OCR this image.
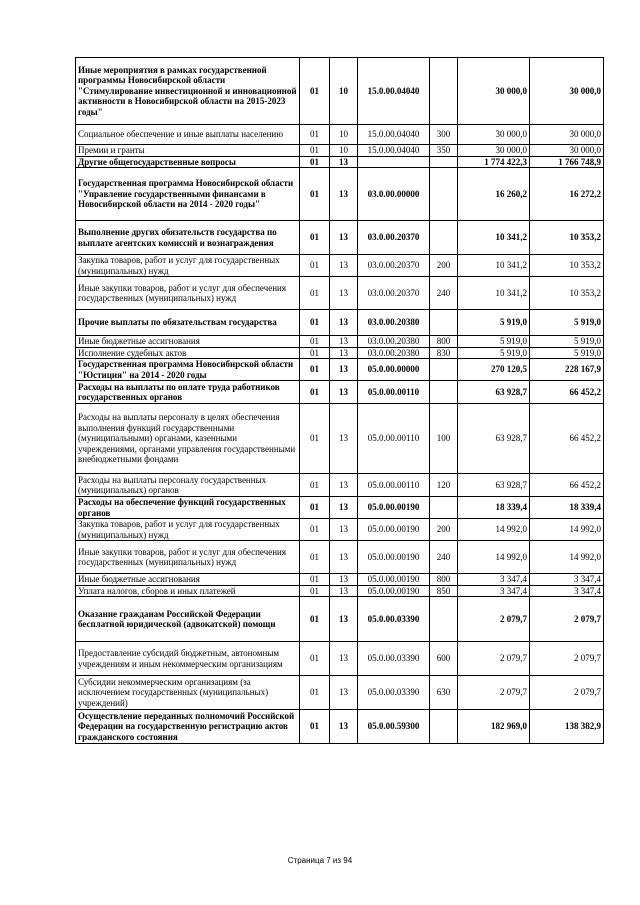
Иные мероприятия в рамках государственной программы Новосибирской области "Стимулирование инвестиционной и инновационной активности в Новосибирской области на 2015-2023 годы"	01	10	15.0.00.04040		30 000,0	30 000,0
Социальное обеспечение и иные выплаты населению	01	10	15.0.00.04040	300	30 000,0	30 000,0
Премии и гранты	01	10	15.0.00.04040	350	30 000,0	30 000,0
Другие общегосударственные вопросы	01	13			1 774 422,3	1 766 748,9
Государственная программа Новосибирской области "Управление государственными финансами в Новосибирской области на 2014 - 2020 годы"	01	13	03.0.00.00000		16 260,2	16 272,2
Выполнение других обязательств государства по выплате агентских комиссий и вознаграждения	01	13	03.0.00.20370		10 341,2	10 353,2
Закупка товаров, работ и услуг для государственных (муниципальных) нужд	01	13	03.0.00.20370	200	10 341,2	10 353,2
Иные закупки товаров, работ и услуг для обеспечения государственных (муниципальных) нужд	01	13	03.0.00.20370	240	10 341,2	10 353,2
Прочие выплаты по обязательствам государства	01	13	03.0.00.20380		5 919,0	5 919,0
Иные бюджетные ассигнования	01	13	03.0.00.20380	800	5 919,0	5 919,0
Исполнение судебных актов	01	13	03.0.00.20380	830	5 919,0	5 919,0
Государственная программа Новосибирской области "Юстиция" на 2014 - 2020 годы	01	13	05.0.00.00000		270 120,5	228 167,9
Расходы на выплаты по оплате труда работников государственных органов	01	13	05.0.00.00110		63 928,7	66 452,2
Расходы на выплаты персоналу в целях обеспечения выполнения функций государственными (муниципальными) органами, казенными учреждениями, органами управления государственными внебюджетными фондами	01	13	05.0.00.00110	100	63 928,7	66 452,2
Расходы на выплаты персоналу государственных (муниципальных) органов	01	13	05.0.00.00110	120	63 928,7	66 452,2
Расходы на обеспечение функций государственных органов	01	13	05.0.00.00190		18 339,4	18 339,4
Закупка товаров, работ и услуг для государственных (муниципальных) нужд	01	13	05.0.00.00190	200	14 992,0	14 992,0
Иные закупки товаров, работ и услуг для обеспечения государственных (муниципальных) нужд	01	13	05.0.00.00190	240	14 992,0	14 992,0
Иные бюджетные ассигнования	01	13	05.0.00.00190	800	3 347,4	3 347,4
Уплата налогов, сборов и иных платежей	01	13	05.0.00.00190	850	3 347,4	3 347,4
Оказание гражданам Российской Федерации бесплатной юридической (адвокатской) помощи	01	13	05.0.00.03390		2 079,7	2 079,7
Предоставление субсидий бюджетным, автономным учреждениям и иным некоммерческим организациям	01	13	05.0.00.03390	600	2 079,7	2 079,7
Субсидии некоммерческим организациям (за исключением государственных (муниципальных) учреждений)	01	13	05.0.00.03390	630	2 079,7	2 079,7
Осуществление переданных полномочий Российской Федерации на государственную регистрацию актов гражданского состояния	01	13	05.0.00.59300		182 969,0	138 382,9
Страница 7 из 94
